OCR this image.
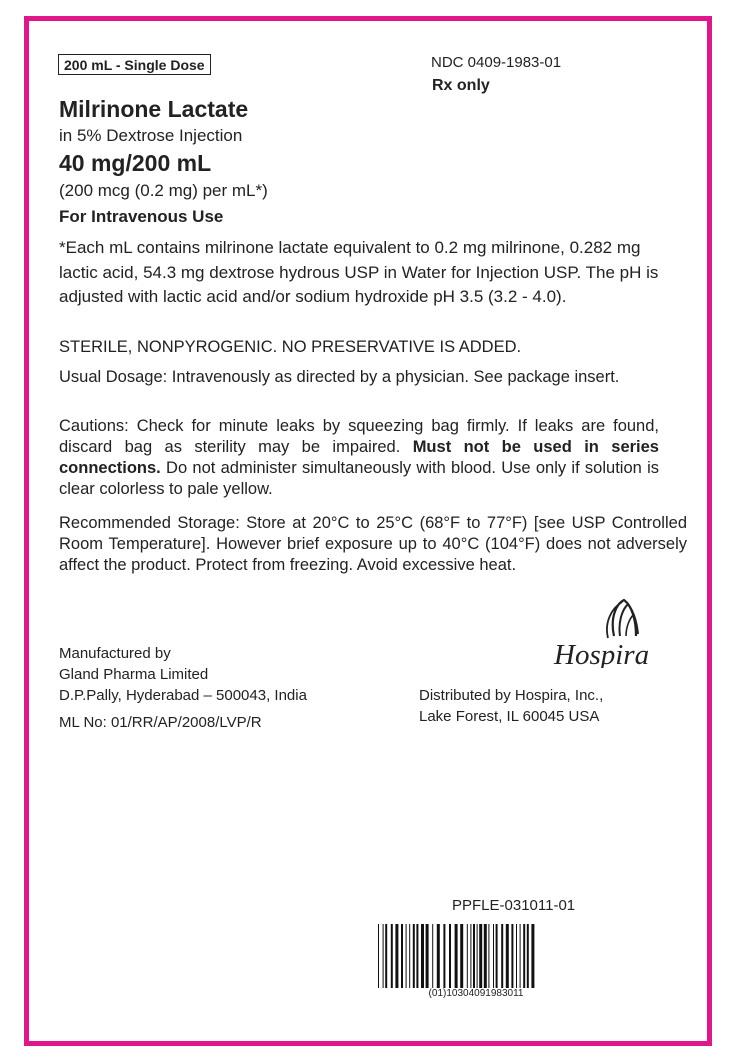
200 mL - Single Dose	NDC 0409-1983-01
Rx only
Milrinone Lactate
in 5% Dextrose Injection
40 mg/200 mL
(200 mcg (0.2 mg) per mL*)
For Intravenous Use
*Each mL contains milrinone lactate equivalent to 0.2 mg milrinone, 0.282 mg lactic acid, 54.3 mg dextrose hydrous USP in Water for Injection USP. The pH is adjusted with lactic acid and/or sodium hydroxide pH 3.5 (3.2 - 4.0).
STERILE, NONPYROGENIC. NO PRESERVATIVE IS ADDED.
Usual Dosage: Intravenously as directed by a physician. See package insert.
Cautions: Check for minute leaks by squeezing bag firmly. If leaks are found, discard bag as sterility may be impaired. Must not be used in series connections. Do not administer simultaneously with blood. Use only if solution is clear colorless to pale yellow.
Recommended Storage: Store at 20°C to 25°C (68°F to 77°F) [see USP Controlled Room Temperature]. However brief exposure up to 40°C (104°F) does not adversely affect the product. Protect from freezing. Avoid excessive heat.
Manufactured by
Gland Pharma Limited
D.P.Pally, Hyderabad – 500043, India
ML No: 01/RR/AP/2008/LVP/R
Distributed by Hospira, Inc.,
Lake Forest, IL 60045 USA
Hospira
PPFLE-031011-01
(01)10304091983011
